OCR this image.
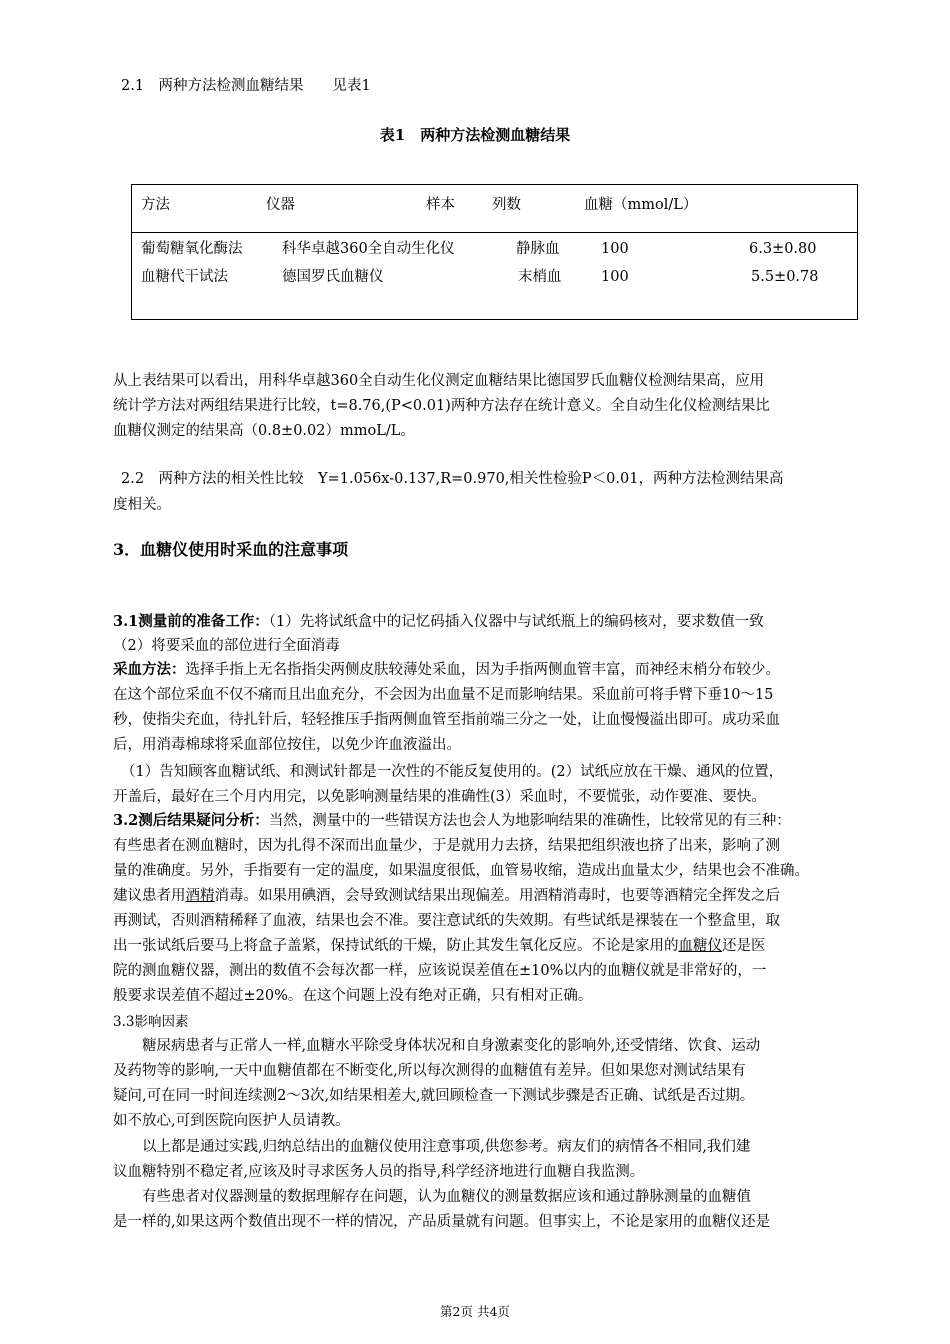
2.1　两种方法检测血糖结果　　见表1
表1　两种方法检测血糖结果
方法	仪器	样本	列数	血糖（mmol/L）
葡萄糖氧化酶法	科华卓越360全自动生化仪	静脉血	100	6.3±0.80
血糖代干试法	德国罗氏血糖仪	末梢血	100	5.5±0.78
从上表结果可以看出，用科华卓越360全自动生化仪测定血糖结果比德国罗氏血糖仪检测结果高，应用
统计学方法对两组结果进行比较，t=8.76,(P<0.01)两种方法存在统计意义。全自动生化仪检测结果比
血糖仪测定的结果高（0.8±0.02）mmoL/L。
2.2　两种方法的相关性比较　Y=1.056x-0.137,R=0.970,相关性检验P＜0.01，两种方法检测结果高
度相关。
3．血糖仪使用时采血的注意事项
3.1测量前的准备工作：（1）先将试纸盒中的记忆码插入仪器中与试纸瓶上的编码核对，要求数值一致
（2）将要采血的部位进行全面消毒
采血方法：选择手指上无名指指尖两侧皮肤较薄处采血，因为手指两侧血管丰富，而神经末梢分布较少。
在这个部位采血不仅不痛而且出血充分，不会因为出血量不足而影响结果。采血前可将手臂下垂10～15
秒，使指尖充血，待扎针后，轻轻推压手指两侧血管至指前端三分之一处，让血慢慢溢出即可。成功采血
后，用消毒棉球将采血部位按住，以免少许血液溢出。
（1）告知顾客血糖试纸、和测试针都是一次性的不能反复使用的。(2）试纸应放在干燥、通风的位置，
开盖后，最好在三个月内用完，以免影响测量结果的准确性(3）采血时，不要慌张，动作要准、要快。
3.2测后结果疑问分析：当然，测量中的一些错误方法也会人为地影响结果的准确性，比较常见的有三种：
有些患者在测血糖时，因为扎得不深而出血量少，于是就用力去挤，结果把组织液也挤了出来，影响了测
量的准确度。另外，手指要有一定的温度，如果温度很低，血管易收缩，造成出血量太少，结果也会不准确。
建议患者用酒精消毒。如果用碘酒，会导致测试结果出现偏差。用酒精消毒时，也要等酒精完全挥发之后
再测试，否则酒精稀释了血液，结果也会不准。要注意试纸的失效期。有些试纸是裸装在一个整盒里，取
出一张试纸后要马上将盒子盖紧，保持试纸的干燥，防止其发生氧化反应。不论是家用的血糖仪还是医
院的测血糖仪器，测出的数值不会每次都一样，应该说误差值在±10%以内的血糖仪就是非常好的，一
般要求误差值不超过±20%。在这个问题上没有绝对正确，只有相对正确。
3.3影响因素
　　糖尿病患者与正常人一样,血糖水平除受身体状况和自身激素变化的影响外,还受情绪、饮食、运动
及药物等的影响,一天中血糖值都在不断变化,所以每次测得的血糖值有差异。但如果您对测试结果有
疑问,可在同一时间连续测2～3次,如结果相差大,就回顾检查一下测试步骤是否正确、试纸是否过期。
如不放心,可到医院向医护人员请教。
　　以上都是通过实践,归纳总结出的血糖仪使用注意事项,供您参考。病友们的病情各不相同,我们建
议血糖特别不稳定者,应该及时寻求医务人员的指导,科学经济地进行血糖自我监测。
　　有些患者对仪器测量的数据理解存在问题，认为血糖仪的测量数据应该和通过静脉测量的血糖值
是一样的,如果这两个数值出现不一样的情况，产品质量就有问题。但事实上，不论是家用的血糖仪还是
第2页 共4页
